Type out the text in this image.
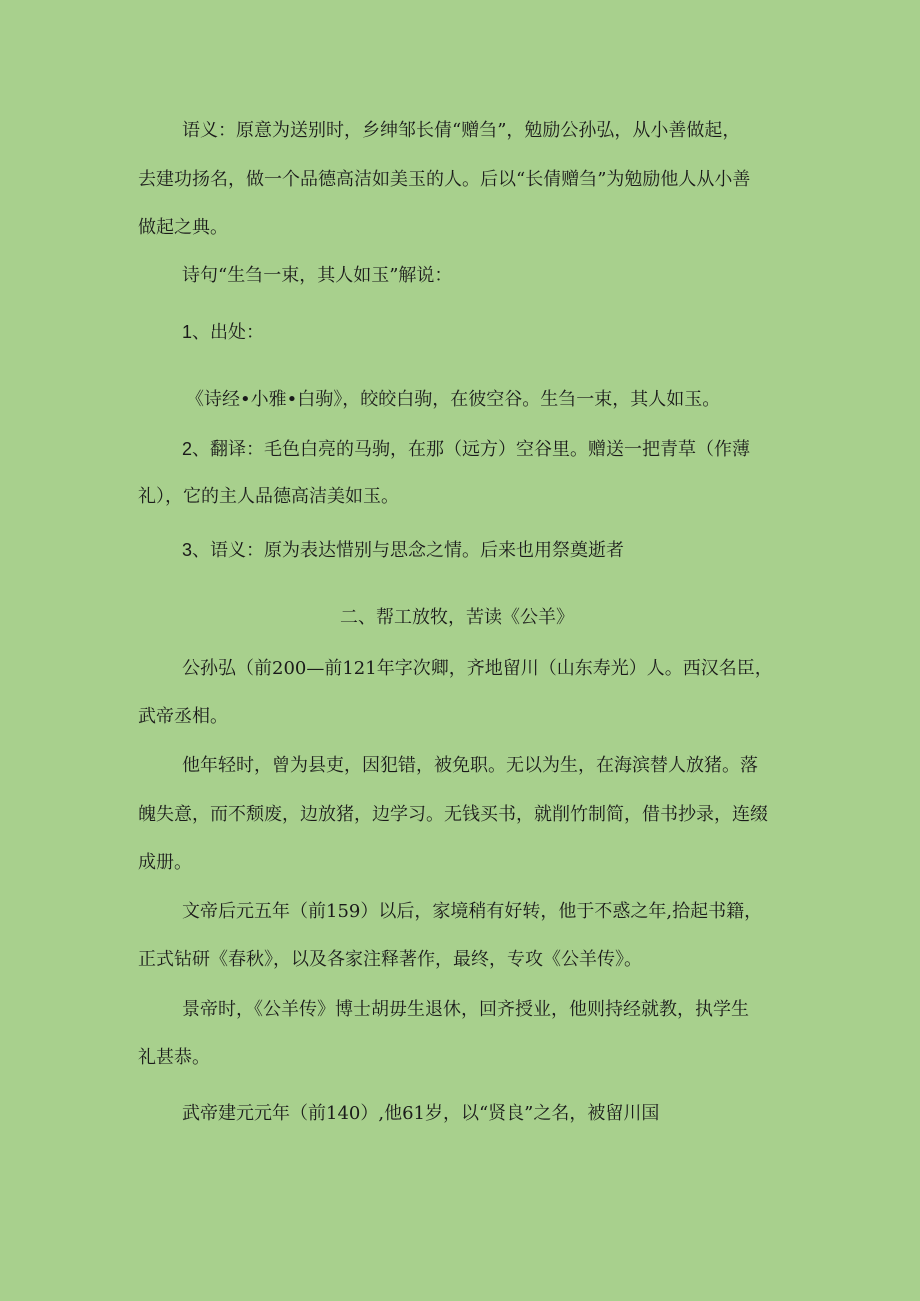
语义：原意为送别时，乡绅邹长倩“赠刍”，勉励公孙弘，从小善做起，
去建功扬名，做一个品德高洁如美玉的人。后以“长倩赠刍”为勉励他人从小善
做起之典。
诗句“生刍一束，其人如玉”解说：
1、出处：
《诗经•小雅•白驹》，皎皎白驹，在彼空谷。生刍一束，其人如玉。
2、翻译：毛色白亮的马驹，在那（远方）空谷里。赠送一把青草（作薄
礼），它的主人品德高洁美如玉。
3、语义：原为表达惜别与思念之情。后来也用祭奠逝者
二、帮工放牧，苦读《公羊》
公孙弘（前200—前121年字次卿，齐地留川（山东寿光）人。西汉名臣，
武帝丞相。
他年轻时，曾为县吏，因犯错，被免职。无以为生，在海滨替人放猪。落
魄失意，而不颓废，边放猪，边学习。无钱买书，就削竹制简，借书抄录，连缀
成册。
文帝后元五年（前159）以后，家境稍有好转，他于不惑之年,拾起书籍，
正式钻研《春秋》，以及各家注释著作，最终，专攻《公羊传》。
景帝时，《公羊传》博士胡毋生退休，回齐授业，他则持经就教，执学生
礼甚恭。
武帝建元元年（前140）,他61岁，以“贤良”之名，被留川国
